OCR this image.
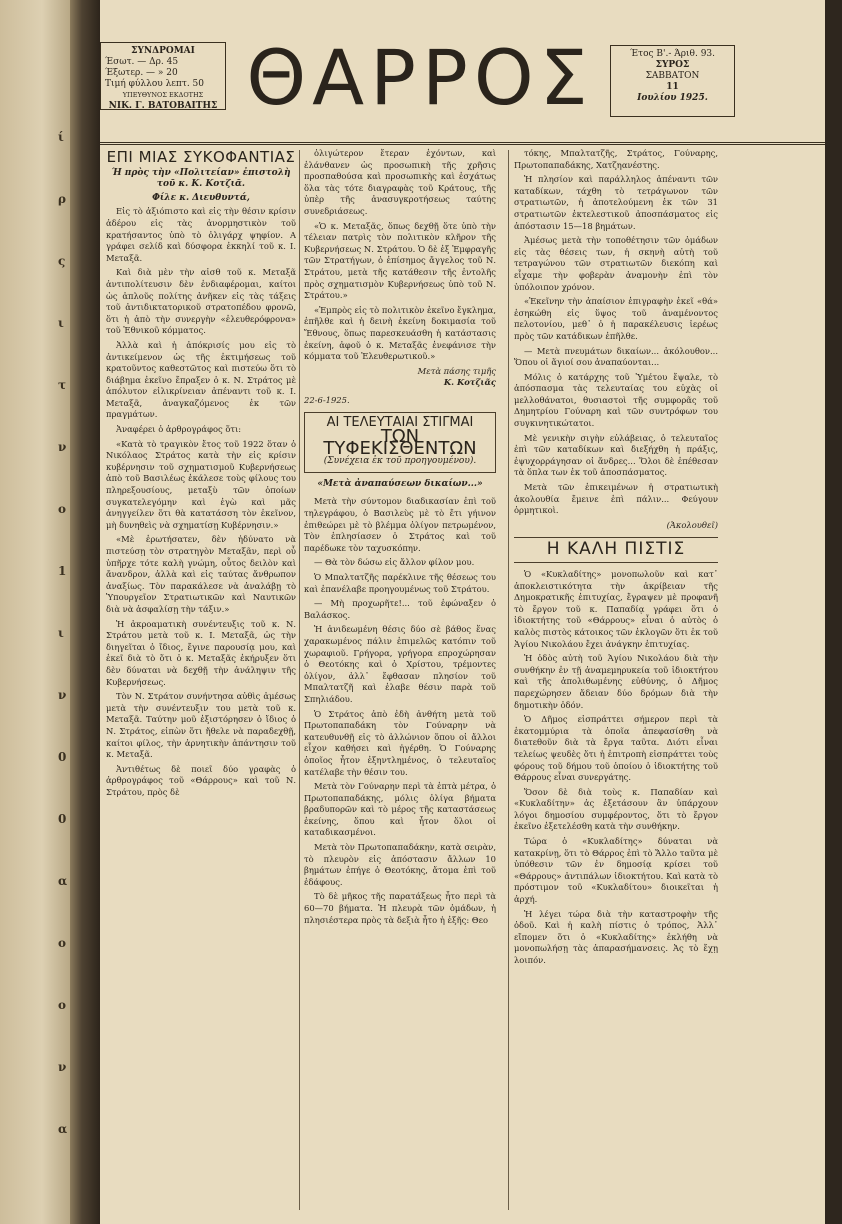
ί
ρ
ς
ι
τ
ν
ο
1
ι
ν
0
0
α
ο
ο
ν
α
ΣΥΝΔΡΟΜΑΙ
Έσωτ. — Δρ. 45
Έξωτερ. — » 20
Τιμή φύλλου λεπτ. 50
ΥΠΕΥΘΥΝΟΣ ΕΚΔΟΤΗΣ
ΝΙΚ. Γ. ΒΑΤΟΒΑΙΤΗΣ ΘΑΡΡΟΣ	Έτος Β'.- Άριθ. 93.
ΣΥΡΟΣ
ΣΑΒΒΑΤΟΝ
11
Ιουλίου 1925.
ΕΠΙ ΜΙΑΣ ΣΥΚΟΦΑΝΤΙΑΣ
Ή πρὸς τὴν «Πολιτείαν» ἐπιστολὴ τοῦ κ. Κ. Κοτζιᾶ.
Φίλε κ. Διευθυντά,

Εἰς τὸ ἀξιόπιστο καὶ εἰς τὴν θέσιν κρίσιν ἀδέρου εἰς τὰς ἀνορμηστικὸν τοῦ κρατήσαντος ὑπὸ τὸ ὀλιγάρχ ψηφίον. Α γράφει σελίδ καὶ δύσφορα ἐκκηλί τοῦ κ. Ι. Μεταξᾶ.

Καὶ διὰ μὲν τὴν αἰσθ τοῦ κ. Μεταξᾶ ἀντιπολίτευσιν δὲν ἐνδιαφέρομαι, καίτοι ὡς ἁπλοῦς πολίτης ἀνῆκεν εἰς τὰς τάξεις τοῦ ἀντιδικτατορικοῦ στρατοπέδου φρονῶ, ὅτι ἡ ἀπὸ τὴν συνεργὴν «ἐλευθερόφρονα» τοῦ Ἐθνικοῦ κόμματος.

Ἀλλὰ καὶ ἡ ἀπόκρισίς μου εἰς τὸ ἀντικείμενον ὡς τῆς ἐκτιμήσεως τοῦ κρατοῦντος καθεστῶτος καὶ πιστεύω ὅτι τὸ διάβημα ἐκεῖνο ἔπραξεν ὁ κ. Ν. Στράτος μὲ ἀπόλυτον εἰλικρίνειαν ἀπέναντι τοῦ κ. Ι. Μεταξᾶ, ἀναγκαζόμενος ἐκ τῶν πραγμάτων.

Ἀναφέρει ὁ ἀρθρογράφος ὅτι:

«Κατὰ τὸ τραγικὸν ἔτος τοῦ 1922 ὅταν ὁ Νικόλαος Στράτος κατὰ τὴν εἰς κρίσιν κυβέρνησιν τοῦ σχηματισμοῦ Κυβερνήσεως ἀπὸ τοῦ Βασιλέως ἐκάλεσε τοὺς φίλους του πληρεξουσίους, μεταξὺ τῶν ὁποίων συγκατελεγόμην καὶ ἐγὼ καὶ μᾶς ἀνηγγείλεν ὅτι θὰ κατατάσση τὸν ἐκεῖνον, μὴ δυνηθεὶς νὰ σχηματίσῃ Κυβέρνησιν.»

«Μὲ ἐρωτήσατεν, δὲν ἠδύνατο νὰ πιστεύσῃ τὸν στρατηγὸν Μεταξᾶν, περὶ οὗ ὑπῆρχε τότε καλὴ γνώμη, οὗτος δειλὸν καὶ ἄνανδρον, ἀλλὰ καὶ εἰς ταύτας ἄνθρωπον ἀναξίως. Τὸν παρακάλεσε νὰ ἀναλάβῃ τὸ Ὑπουργεῖον Στρατιωτικῶν καὶ Ναυτικῶν διὰ νὰ ἀσφαλίσῃ τὴν τάξιν.»

Ἡ ἀκροαματικὴ συνέντευξις τοῦ κ. Ν. Στράτου μετὰ τοῦ κ. Ι. Μεταξᾶ, ὡς τὴν διηγεῖται ὁ ἴδιος, ἔγινε παρουσίᾳ μου, καὶ ἐκεῖ διὰ τὸ ὅτι ὁ κ. Μεταξᾶς ἐκήρυξεν ὅτι δὲν δύναται νὰ δεχθῇ τὴν ἀνάληψιν τῆς Κυβερνήσεως.

Τὸν Ν. Στράτον συνήντησα αὐθὶς ἀμέσως μετὰ τὴν συνέντευξιν του μετὰ τοῦ κ. Μεταξᾶ. Ταύτην μοῦ ἐξιστόρησεν ὁ ἴδιος ὁ Ν. Στράτος, εἰπὼν ὅτι ἤθελε νὰ παραδεχθῇ, καίτοι φίλος, τὴν ἀρνητικὴν ἀπάντησιν τοῦ κ. Μεταξᾶ.

Ἀντιθέτως δὲ ποιεῖ δύο γραφὰς ὁ ἀρθρογράφος τοῦ «Θάρρους» καὶ τοῦ Ν. Στράτου, πρὸς δὲ

ὀλιγώτερον ἔτεραν ἐχόντων, καὶ ἐλάνθανεν ὡς προσωπικὴ τῆς χρῆσις προσπαθούσα καὶ προσωπικὴς καὶ ἐσχάτως ὅλα τὰς τότε διαγραφὰς τοῦ Κράτους, τῆς ὑπὲρ τῆς ἀνασυγκροτήσεως ταύτης συνεδριάσεως.

«Ὁ κ. Μεταξᾶς, ὅπως δεχθῇ ὅτε ὑπὸ τὴν τέλειαν πατρὶς τὸν πολιτικὸν κλῆρον τῆς Κυβερνήσεως Ν. Στράτου. Ὁ δὲ ἐξ Ἐμφραγῆς τῶν Στρατήγων, ὁ ἐπίσημος ἄγγελος τοῦ Ν. Στράτου, μετὰ τῆς κατάθεσιν τῆς ἐντολῆς πρὸς σχηματισμὸν Κυβερνήσεως ὑπὸ τοῦ Ν. Στράτου.»

«Ἐμπρὸς εἰς τὸ πολιτικὸν ἐκεῖνο ἔγκλημα, ἐπῆλθε καὶ ἡ δεινὴ ἐκείνη δοκιμασία τοῦ Ἔθνους, ὅπως παρεσκευάσθη ἡ κατάστασις ἐκείνη, ἀφοῦ ὁ κ. Μεταξᾶς ἐνεφάνισε τὴν κόμματα τοῦ Ἐλευθερωτικοῦ.»

Μετὰ πάσης τιμῆς
Κ. Κοτζιᾶς
22-6-1925.
ΑΙ ΤΕΛΕΥΤΑΙΑΙ ΣΤΙΓΜΑΙ
ΤΩΝ ΤΥΦΕΚΙΣΘΕΝΤΩΝ
(Συνέχεια ἐκ τοῦ προηγουμένου).
«Μετὰ ἀναπαύσεων δικαίων...»

Μετὰ τὴν σύντομον διαδικασίαν ἐπὶ τοῦ τηλεγράφου, ὁ Βασιλεὺς μὲ τὸ ἔτι γήινον ἐπιθεώρει μὲ τὸ βλέμμα ὀλίγον πετρωμένον, Τὸν ἐπλησίασεν ὁ Στράτος καὶ τοῦ παρέδωκε τὸν ταχυσκόπην.

— Θὰ τὸν δώσω εἰς ἄλλον φίλον μου.

Ὁ Μπαλτατζῆς παρέκλινε τῆς θέσεως του καὶ ἐπανέλαβε προηγουμένως τοῦ Στράτου.

— Μὴ προχωρῆτε!... τοῦ ἐφώναξεν ὁ Βαλάσκος.

Ἡ ἀνιδεωμένη θέσις δύο σὲ βάθος ἕνας χαρακωμένος πάλιν ἐπιμελῶς κατόπιν τοῦ χωραφιοῦ. Γρήγορα, γρήγορα επροχώρησαν ὁ Θεοτόκης καὶ ὁ Χρίστου, τρέμοντες ὁλίγον, ἀλλ᾽ ἔφθασαν πλησίον τοῦ Μπαλτατζῆ καὶ ἐλαβε θέσιν παρὰ τοῦ Σπηλιάδου.

Ὁ Στράτος ἀπὸ ἐδὴ ἀνθήτη μετὰ τοῦ Πρωτοπαπαδάκη τὸν Γούναρην νὰ κατευθυνθῇ εἰς τὸ ἀλλώνιον ὅπου οἱ ἄλλοι εἶχον καθήσει καὶ ἠγέρθη. Ὁ Γούναρης ὁποῖος ἦτον ἐξηντλημένος, ὁ τελευταῖος κατέλαβε τὴν θέσιν του.

Μετὰ τὸν Γούναρην περὶ τὰ ἐπτὰ μέτρα, ὁ Πρωτοπαπαδάκης, μόλις ὀλίγα βήματα βραδυπορῶν καὶ τὸ μέρος τῆς καταστάσεως ἐκείνης, ὅπου καὶ ἦτον ὅλοι οἱ καταδικασμένοι.

Μετὰ τὸν Πρωτοπαπαδάκην, κατὰ σειρὰν, τὸ πλευρὸν εἰς ἀπόστασιν ἄλλων 10 βημάτων ἐπήγε ὁ Θεοτόκης, ἄτομα ἐπὶ τοῦ ἐδάφους.

Τὸ δὲ μῆκος τῆς παρατάξεως ἦτο περὶ τὰ 60—70 βήματα. Ἡ πλευρὰ τῶν ὁμάδων, ἡ πλησιέστερα πρὸς τὰ δεξιὰ ἦτο ἡ ἑξῆς: Θεο

τόκης, Μπαλτατζῆς, Στράτος, Γούναρης, Πρωτοπαπαδάκης, Χατζηανέστης.

Ἡ πλησίον καὶ παράλληλος ἀπέναντι τῶν καταδίκων, τάχθη τὸ τετράγωνον τῶν στρατιωτῶν, ἡ ἀποτελούμενη ἐκ τῶν 31 στρατιωτῶν ἐκτελεστικοῦ ἀποσπάσματος εἰς ἀπόστασιν 15—18 βημάτων.

Ἀμέσως μετὰ τὴν τοποθέτησιν τῶν ὁμάδων εἰς τὰς θέσεις των, ἡ σκηνὴ αὐτὴ τοῦ τετραγώνου τῶν στρατιωτῶν διεκόπη καὶ εἶχαμε τὴν φοβερὰν ἀναμονὴν ἐπὶ τὸν ὑπόλοιπον χρόνον.

«Ἐκεῖνην τὴν ἀπαίσιον ἐπιγραφὴν ἐκεῖ «θά» ἐσηκώθη εἰς ὕψος τοῦ ἀναμένοντος πελοτονίου, μεθ᾽ ὁ ἡ παρακέλευσις ἱερέως πρὸς τῶν κατάδικων ἐπῆλθε.

— Μετὰ πνευμάτων δικαίων... ἀκόλουθον... Ὅπου οἱ ἅγιοί σου ἀναπαύονται...

Μόλις ὁ κατάρχης τοῦ Ὑμέτου ἔψαλε, τὸ ἀπόσπασμα τὰς τελευταίας του εὐχὰς οἱ μελλοθάνατοι, θυσιαστοὶ τῆς συμφορᾶς τοῦ Δημητρίου Γούναρη καὶ τῶν συντρόφων του συγκινητικώτατοι.

Μὲ γενικὴν σιγὴν εὐλάβειας, ὁ τελευταῖος ἐπὶ τῶν καταδίκων καὶ διεξήχθη ἡ πράξις, ἐψυχορράγησαν οἱ ἄνδρες... Ὅλοι δὲ ἐπέθεσαν τὰ ὅπλα των ἐκ τοῦ ἀποσπάσματος.

Μετὰ τῶν ἐπικειμένων ἡ στρατιωτικὴ ἀκολουθία ἔμεινε ἐπὶ πάλιν... Φεύγουν ὁρμητικοὶ.

(Ἀκολουθεῖ)
Η ΚΑΛΗ ΠΙΣΤΙΣ

Ὁ «Κυκλαδίτης» μονοπωλοῦν καὶ κατ᾽ ἀποκλειστικότητα τὴν ἀκρίβειαν τῆς Δημοκρατικῆς ἐπιτυχίας, ἔγραψεν μὲ προφανῆ τὸ ἔργον τοῦ κ. Παπαδίᾳ γράφει ὅτι ὁ ἰδιοκτήτης τοῦ «Θάρρους» εἶναι ὁ αὐτὸς ὁ καλὸς πιστὸς κάτοικος τῶν ἐκλογῶν ὅτι ἐκ τοῦ Ἁγίου Νικολάου ἔχει ἀνάγκην ἐπιτυχίας.

Ἡ ὁδὸς αὐτὴ τοῦ Ἁγίου Νικολάου διὰ τὴν συνθήκην ἐν τῇ ἀναμεμηρυκεία τοῦ ἰδιοκτήτου καὶ τῆς ἀπολιθωμένης εὐθύνης, ὁ Δῆμος παρεχώρησεν ἄδειαν δύο δρόμων διὰ τὴν δημοτικὴν ὁδόν.

Ὁ Δῆμος εἰσπράττει σήμερον περὶ τὰ ἑκατομμύρια τὰ ὁποῖα ἀπεφασίσθη νὰ διατεθοῦν διὰ τὰ ἔργα ταῦτα. Διότι εἶναι τελείως ψευδὲς ὅτι ἡ ἐπιτροπὴ εἰσπράττει τοὺς φόρους τοῦ δήμου τοῦ ὁποίου ὁ ἰδιοκτήτης τοῦ Θάρρους εἶναι συνεργάτης.

Ὅσον δὲ διὰ τοὺς κ. Παπαδίαν καὶ «Κυκλαδίτην» ἀς ἐξετάσουν ἂν ὑπάρχουν λόγοι δημοσίου συμφέροντος, ὅτι τὸ ἔργον ἐκεῖνο ἐξετελέσθη κατὰ τὴν συνθήκην.

Τώρα ὁ «Κυκλαδίτης» δύναται νὰ κατακρίνῃ, ὅτι τὸ Θάρρος ἐπὶ τὸ Ἄλλο ταῦτα μὲ ὑπόθεσιν τῶν ἐν δημοσίᾳ κρίσει τοῦ «Θάρρους» ἀντιπάλων ἰδιοκτήτου. Καὶ κατὰ τὸ πρόστιμον τοῦ «Κυκλαδίτου» διοικεῖται ἡ ἀρχή.

Ἡ λέγει τώρα διὰ τὴν καταστροφὴν τῆς ὁδοῦ. Καὶ ἡ καλὴ πίστις ὁ τρόπος, Ἀλλ᾽ εἴπομεν ὅτι ὁ «Κυκλαδίτης» ἐκλήθη νὰ μονοπωλήσῃ τὰς ἀπαρασήμανσεις. Ἀς τὸ ἔχῃ λοιπόν.
